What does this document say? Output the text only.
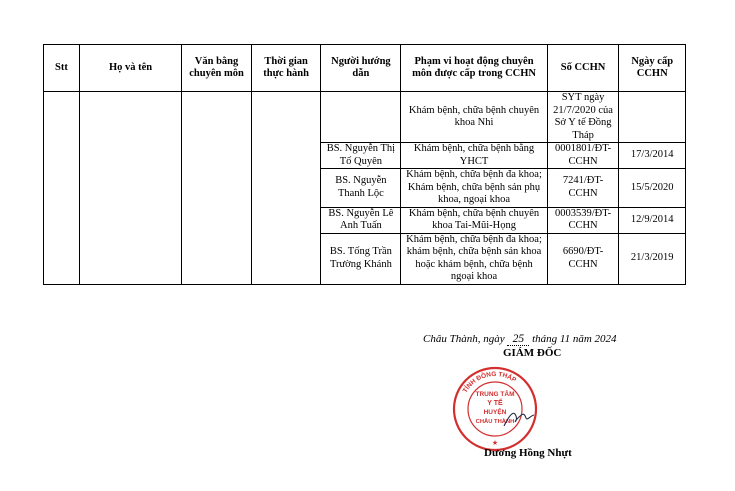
Stt	Họ và tên	Văn bằng chuyên môn	Thời gian thực hành	Người hướng dẫn	Phạm vi hoạt động chuyên môn được cấp trong CCHN	Số CCHN	Ngày cấp CCHN
					Khám bệnh, chữa bệnh chuyên khoa Nhi	SYT ngày 21/7/2020 của Sở Y tế Đồng Tháp	
				BS. Nguyễn Thị Tố Quyên	Khám bệnh, chữa bệnh bằng YHCT	0001801/ĐT-CCHN	17/3/2014
				BS. Nguyễn Thanh Lộc	Khám bệnh, chữa bệnh đa khoa; Khám bệnh, chữa bệnh sản phụ khoa, ngoại khoa	7241/ĐT-CCHN	15/5/2020
				BS. Nguyễn Lê Anh Tuấn	Khám bệnh, chữa bệnh chuyên khoa Tai-Mũi-Họng	0003539/ĐT-CCHN	12/9/2014
				BS. Tống Trần Trường Khánh	Khám bệnh, chữa bệnh đa khoa; khám bệnh, chữa bệnh sản khoa hoặc khám bệnh, chữa bệnh ngoại khoa	6690/ĐT-CCHN	21/3/2019
Châu Thành, ngày 25 tháng 11 năm 2024
GIÁM ĐỐC
TỈNH ĐỒNG THÁP
TRUNG TÂM
Y TẾ
HUYỆN
CHÂU THÀNH
★
Dương Hồng Nhựt
